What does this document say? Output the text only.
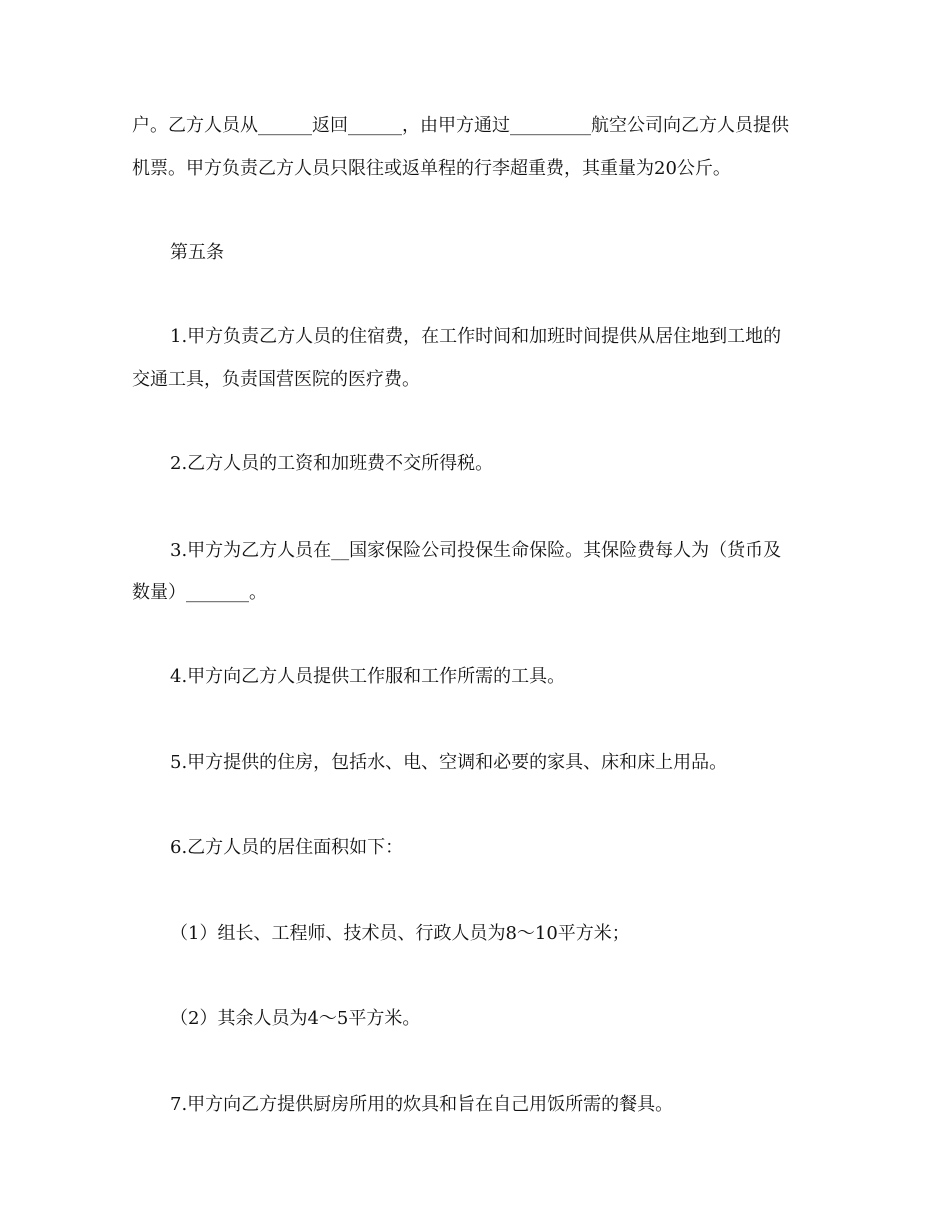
户。乙方人员从______返回______，由甲方通过_________航空公司向乙方人员提供
机票。甲方负责乙方人员只限往或返单程的行李超重费，其重量为20公斤。
第五条
1.甲方负责乙方人员的住宿费，在工作时间和加班时间提供从居住地到工地的
交通工具，负责国营医院的医疗费。
2.乙方人员的工资和加班费不交所得税。
3.甲方为乙方人员在__国家保险公司投保生命保险。其保险费每人为（货币及
数量）_______。
4.甲方向乙方人员提供工作服和工作所需的工具。
5.甲方提供的住房，包括水、电、空调和必要的家具、床和床上用品。
6.乙方人员的居住面积如下：
（1）组长、工程师、技术员、行政人员为8～10平方米；
（2）其余人员为4～5平方米。
7.甲方向乙方提供厨房所用的炊具和旨在自己用饭所需的餐具。
